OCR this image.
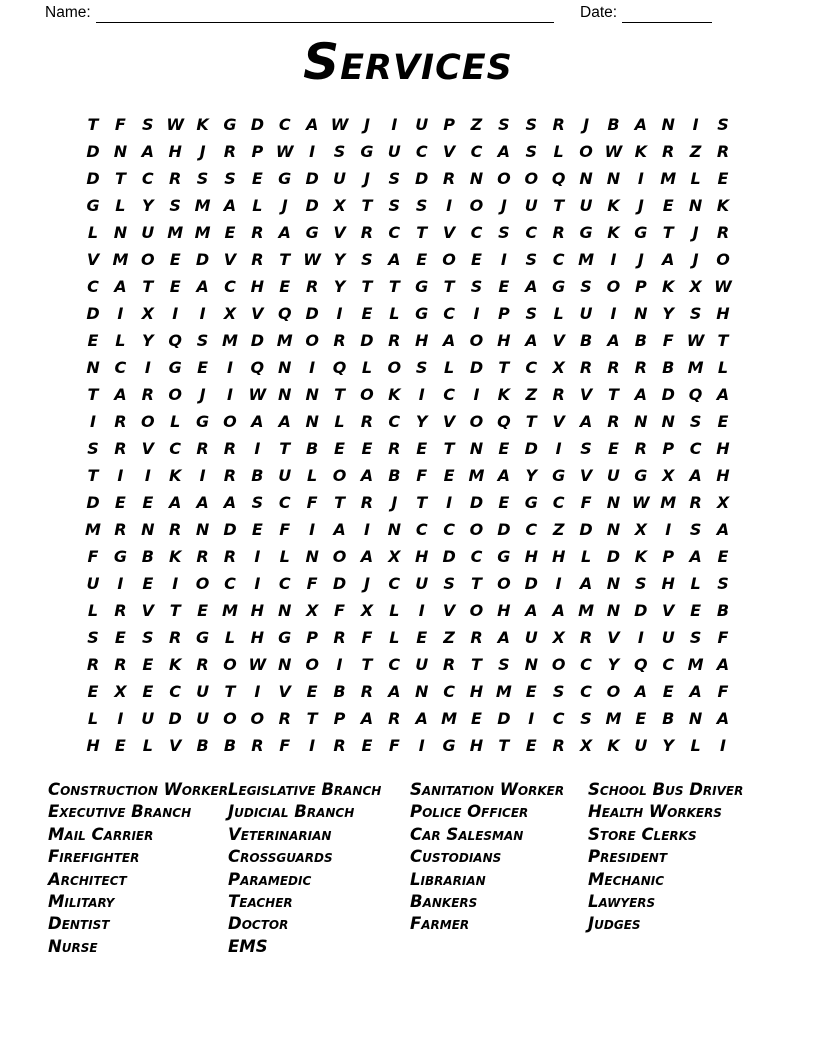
Name:	Date:
Services
T	F	S W K G D C A W J	I	U P Z S S R	J	B A N	I	S
D N A H	J	R P W I	S G U C V C A S	L O W K R Z R
D T	C R S S	E G D U	J	S D R N O O Q N N	I	M L	E
G L	Y S M A	L	J	D X T	S S	I	O	J	U T U K	J	E N K
L N U M M E R A G V R C	T V C S C R G K G T	J	R
V M O E D V R T W Y S A E O E	I	S C M	I	J	A	J	O
C A T	E A C H E R Y	T	T G T	S	E A G S O P K X W
D	I	X	I	I	X V Q D	I	E	L G C	I	P S	L U	I	N Y S H
E	L	Y Q S M D M O R D R H A O H A V B A B F W T
N C	I	G E	I	Q N	I	Q L O S	L D T	C X R R R B M L
T A R O	J	I W N N T O K	I	C	I	K Z R V T A D Q A
I	R O L G O A A N L	R C Y V O Q T V A R N N S	E
S R V C R R	I	T B E	E R E	T N E D	I	S	E R P C H
T	I	I	K	I	R B U L O A B F	E M A Y G V U G X A H
D E	E A A A S C	F	T R	J	T	I	D E G C	F N W M R X
M R N R N D E	F	I	A	I	N C C O D C Z D N X	I	S A
F G B K R R	I	L N O A X H D C G H H L D K P A E
U	I	E	I	O C	I	C	F D	J	C U S	T O D	I	A N S H L	S
L	R V T	E M H N X F X	L	I	V O H A A M N D V E B
S	E	S R G L H G P R F	L	E	Z R A U X R V	I	U S	F
R R E K R O W N O	I	T	C U R T	S N O C Y Q C M A
E X E	C U T	I	V E B R A N C H M E	S C O A E A F
L	I	U D U O O R T	P A R A M E D	I	C S M E B N A
H E	L	V B B R F	I	R E	F	I	G H T	E R X K U Y	L	I
Construction Worker
Executive Branch
Mail Carrier
Firefighter
Architect
Military
Dentist
Nurse
Legislative Branch
Judicial Branch
Veterinarian
Crossguards
Paramedic
Teacher
Doctor
EMS
Sanitation Worker
Police Officer
Car Salesman
Custodians
Librarian
Bankers
Farmer
School Bus Driver
Health Workers
Store Clerks
President
Mechanic
Lawyers
Judges
